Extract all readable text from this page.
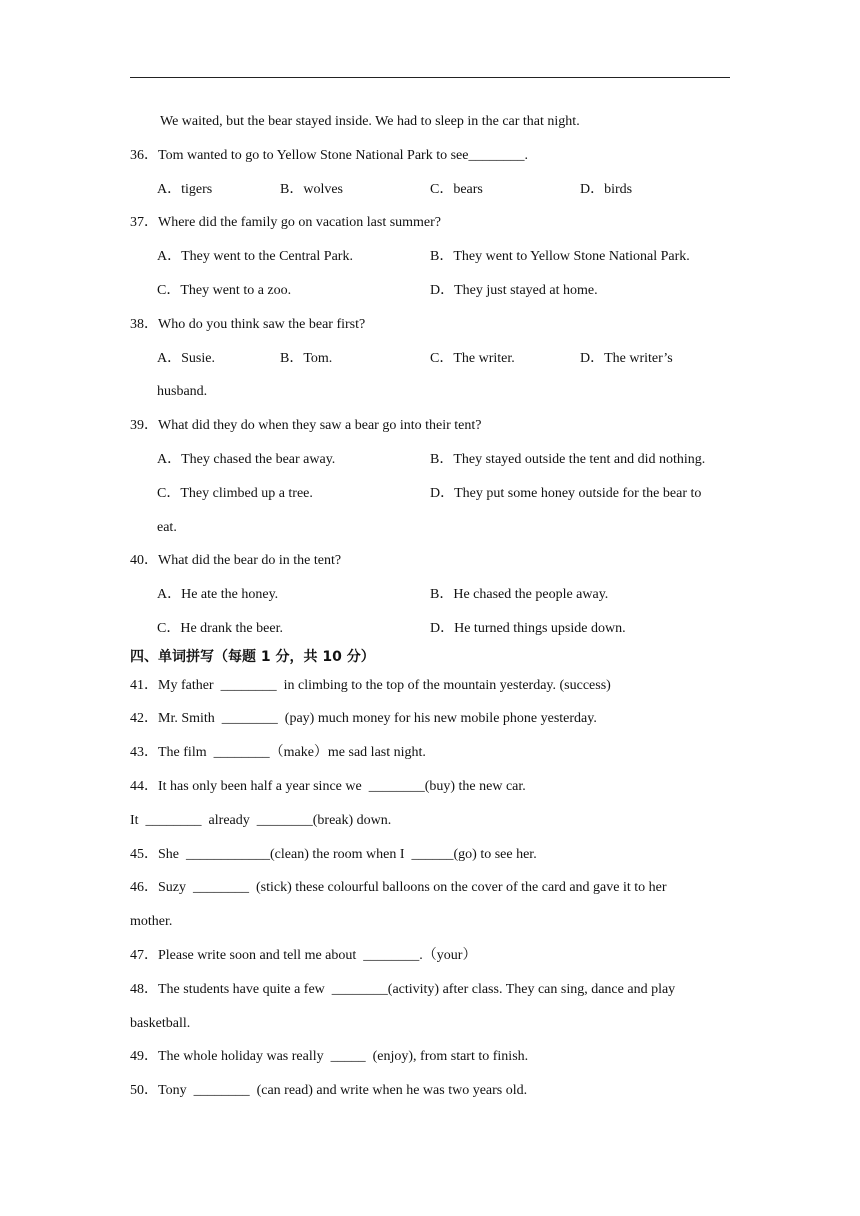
We waited, but the bear stayed inside. We had to sleep in the car that night.
36．Tom wanted to go to Yellow Stone National Park to see________.
A．tigers	B．wolves	C．bears	D．birds
37．Where did the family go on vacation last summer?
A．They went to the Central Park.	B．They went to Yellow Stone National Park.
C．They went to a zoo.	D．They just stayed at home.
38．Who do you think saw the bear first?
A．Susie.	B．Tom.	C．The writer.	D．The writer’s
husband.
39．What did they do when they saw a bear go into their tent?
A．They chased the bear away.	B．They stayed outside the tent and did nothing.
C．They climbed up a tree.	D．They put some honey outside for the bear to
eat.
40．What did the bear do in the tent?
A．He ate the honey.	B．He chased the people away.
C．He drank the beer.	D．He turned things upside down.
四、单词拼写（每题 1 分，共 10 分）
41．My father  ________  in climbing to the top of the mountain yesterday. (success)
42．Mr. Smith  ________  (pay) much money for his new mobile phone yesterday.
43．The film  ________（make）me sad last night.
44．It has only been half a year since we  ________(buy) the new car.
It  ________  already  ________(break) down.
45．She  ____________(clean) the room when I  ______(go) to see her.
46．Suzy  ________  (stick) these colourful balloons on the cover of the card and gave it to her
mother.
47．Please write soon and tell me about  ________.（your）
48．The students have quite a few  ________(activity) after class. They can sing, dance and play
basketball.
49．The whole holiday was really  _____  (enjoy), from start to finish.
50．Tony  ________  (can read) and write when he was two years old.
